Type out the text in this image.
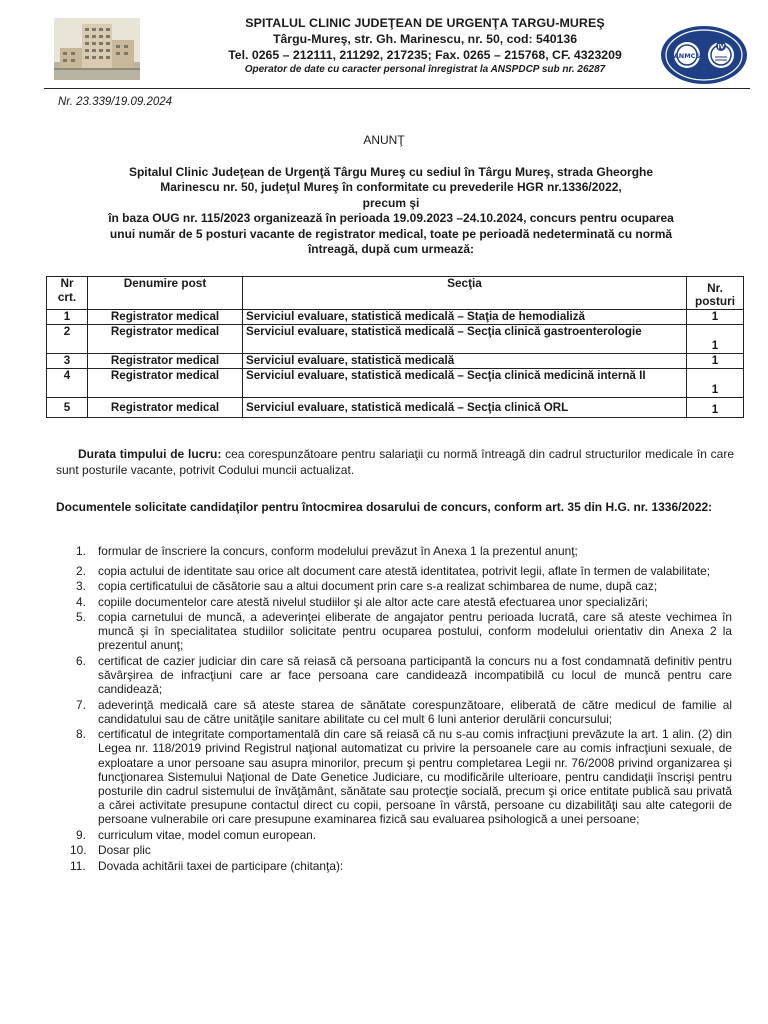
SPITALUL CLINIC JUDEŢEAN DE URGENŢA TARGU-MUREŞ
Târgu-Mureş, str. Gh. Marinescu, nr. 50, cod: 540136
Tel. 0265 – 212111, 211292, 217235; Fax. 0265 – 215768, CF. 4323209
Operator de date cu caracter personal înregistrat la ANSPDCP sub nr. 26287
ANMCS
IV
Nr. 23.339/19.09.2024
ANUNŢ
Spitalul Clinic Judeţean de Urgenţă Târgu Mureş cu sediul în Târgu Mureş, strada Gheorghe
Marinescu nr. 50, judeţul Mureş în conformitate cu prevederile HGR nr.1336/2022,
precum şi
în baza OUG nr. 115/2023 organizează în perioada 19.09.2023 –24.10.2024, concurs pentru ocuparea
unui număr de 5 posturi vacante de registrator medical, toate pe perioadă nedeterminată cu normă
întreagă, după cum urmează:
Nr crt.	Denumire post	Secţia	Nr. posturi
1	Registrator medical	Serviciul evaluare, statistică medicală – Staţia de hemodializă	1
2	Registrator medical	Serviciul evaluare, statistică medicală – Secţia clinică gastroenterologie	1
3	Registrator medical	Serviciul evaluare, statistică medicală	1
4	Registrator medical	Serviciul evaluare, statistică medicală – Secţia clinică medicină internă II	1
5	Registrator medical	Serviciul evaluare, statistică medicală – Secţia clinică ORL	1
Durata timpului de lucru: cea corespunzătoare pentru salariaţii cu normă întreagă din cadrul structurilor medicale în care sunt posturile vacante, potrivit Codului muncii actualizat.
Documentele solicitate candidaţilor pentru întocmirea dosarului de concurs, conform art. 35 din H.G. nr. 1336/2022:
1. formular de înscriere la concurs, conform modelului prevăzut în Anexa 1 la prezentul anunţ;
2. copia actului de identitate sau orice alt document care atestă identitatea, potrivit legii, aflate în termen de valabilitate;
3. copia certificatului de căsătorie sau a altui document prin care s-a realizat schimbarea de nume, după caz;
4. copiile documentelor care atestă nivelul studiilor şi ale altor acte care atestă efectuarea unor specializări;
5. copia carnetului de muncă, a adeverinţei eliberate de angajator pentru perioada lucrată, care să ateste vechimea în muncă şi în specialitatea studiilor solicitate pentru ocuparea postului, conform modelului orientativ din Anexa 2 la prezentul anunţ;
6. certificat de cazier judiciar din care să reiasă că persoana participantă la concurs nu a fost condamnată definitiv pentru săvârşirea de infracţiuni care ar face persoana care candidează incompatibilă cu locul de muncă pentru care candidează;
7. adeverinţă medicală care să ateste starea de sănătate corespunzătoare, eliberată de către medicul de familie al candidatului sau de către unităţile sanitare abilitate cu cel mult 6 luni anterior derulării concursului;
8. certificatul de integritate comportamentală din care să reiasă că nu s-au comis infracţiuni prevăzute la art. 1 alin. (2) din Legea nr. 118/2019 privind Registrul naţional automatizat cu privire la persoanele care au comis infracţiuni sexuale, de exploatare a unor persoane sau asupra minorilor, precum şi pentru completarea Legii nr. 76/2008 privind organizarea şi funcţionarea Sistemului Naţional de Date Genetice Judiciare, cu modificările ulterioare, pentru candidaţii înscrişi pentru posturile din cadrul sistemului de învăţământ, sănătate sau protecţie socială, precum şi orice entitate publică sau privată a cărei activitate presupune contactul direct cu copii, persoane în vârstă, persoane cu dizabilităţi sau alte categorii de persoane vulnerabile ori care presupune examinarea fizică sau evaluarea psihologică a unei persoane;
9. curriculum vitae, model comun european.
10. Dosar plic
11. Dovada achitării taxei de participare (chitanţa):
